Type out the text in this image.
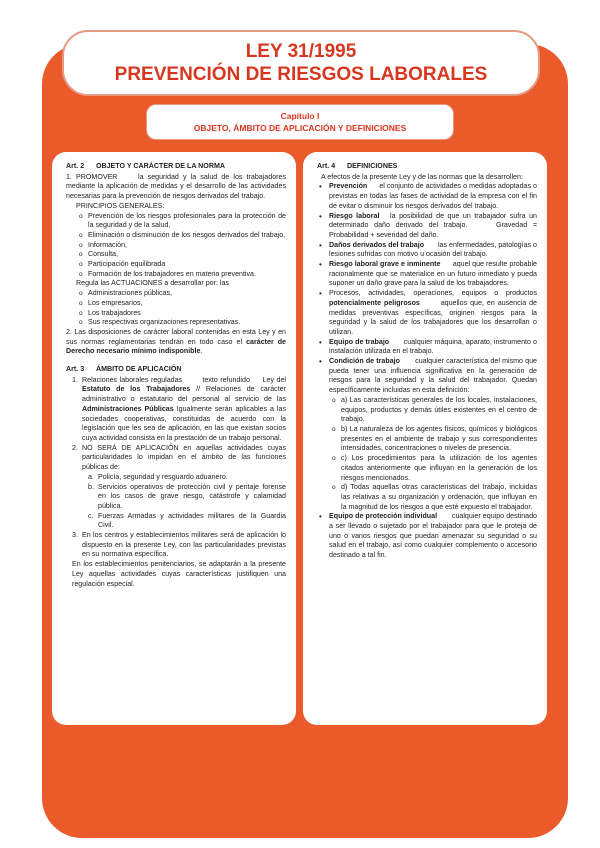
LEY 31/1995
PREVENCIÓN DE RIESGOS LABORALES
Capítulo I
OBJETO, ÁMBITO DE APLICACIÓN Y DEFINICIONES

Art. 2      OBJETO Y CARÁCTER DE LA NORMA

1. PROMOVER     la seguridad y la salud de los trabajadores mediante la aplicación de medidas y el desarrollo de las actividades necesarias para la prevención de riesgos derivados del trabajo.

PRINCIPIOS GENERALES:

o Prevención de los riesgos profesionales para la protección de la seguridad y de la salud,
o Eliminación o disminución de los riesgos derivados del trabajo,
o Información,
o Consulta,
o Participación equilibrada
o Formación de los trabajadores en materia preventiva.

Regula las ACTUACIONES a desarrollar por: las

o Administraciones públicas,
o Los empresarios,
o Los trabajadores
o Sus respectivas organizaciones representativas.

2. Las disposiciones de carácter laboral contenidas en esta Ley y en sus normas reglamentarias tendrán en todo caso el carácter de Derecho necesario mínimo indisponible.

Art. 3      ÁMBITO DE APLICACIÓN

1. Relaciones laborales reguladas        texto refundido     Ley del Estatuto de los Trabajadores // Relaciones de carácter administrativo o estatutario del personal al servicio de las Administraciones Públicas Igualmente serán aplicables a las sociedades cooperativas, constituidas de acuerdo con la legislación que les sea de aplicación, en las que existan socios cuya actividad consista en la prestación de un trabajo personal.
2. NO SERÁ DE APLICACIÓN en aquellas actividades cuyas particularidades lo impidan en el ámbito de las funciones públicas de:
a. Policía, seguridad y resguardo aduanero.
b. Servicios operativos de protección civil y peritaje forense en los casos de grave riesgo, catástrofe y calamidad pública.
c. Fuerzas Armadas y actividades militares de la Guardia Civil.
3. En los centros y establecimientos militares será de aplicación lo dispuesto en la presente Ley, con las particularidades previstas en su normativa específica.

En los establecimientos penitenciarios, se adaptarán a la presente Ley aquellas actividades cuyas características justifiquen una regulación especial.

Art. 4      DEFINICIONES

A efectos de la presente Ley y de las normas que la desarrollen:

• Prevención      el conjunto de actividades o medidas adoptadas o previstas en todas las fases de actividad de la empresa con el fin de evitar o disminuir los riesgos derivados del trabajo.
• Riesgo laboral   la posibilidad de que un trabajador sufra un determinado daño derivado del trabajo.     Gravedad = Probabilidad + severidad del daño.
• Daños derivados del trabajo       las enfermedades, patologías o lesiones sufridas con motivo u ocasión del trabajo.
• Riesgo laboral grave e inminente      aquel que resulte probable racionalmente que se materialice en un futuro inmediato y pueda suponer un daño grave para la salud de los trabajadores.
• Procesos, actividades, operaciones, equipos o productos potencialmente peligrosos       aquellos que, en ausencia de medidas preventivas específicas, originen riesgos para la seguridad y la salud de los trabajadores que los desarrollan o utilizan.
• Equipo de trabajo       cualquier máquina, aparato, instrumento o instalación utilizada en el trabajo.
• Condición de trabajo       cualquier característica del mismo que pueda tener una influencia significativa en la generación de riesgos para la seguridad y la salud del trabajador. Quedan específicamente incluidas en esta definición:
o a) Las características generales de los locales, instalaciones, equipos, productos y demás útiles existentes en el centro de trabajo.
o b) La naturaleza de los agentes físicos, químicos y biológicos presentes en el ambiente de trabajo y sus correspondientes intensidades, concentraciones o niveles de presencia.
o c) Los procedimientos para la utilización de los agentes citados anteriormente que influyan en la generación de los riesgos mencionados.
o d) Todas aquellas otras características del trabajo, incluidas las relativas a su organización y ordenación, que influyan en la magnitud de los riesgos a que esté expuesto el trabajador.
• Equipo de protección individual       cualquier equipo destinado a ser llevado o sujetado por el trabajador para que le proteja de uno o varios riesgos que puedan amenazar su seguridad o su salud en el trabajo, así como cualquier complemento o accesorio destinado a tal fin.
